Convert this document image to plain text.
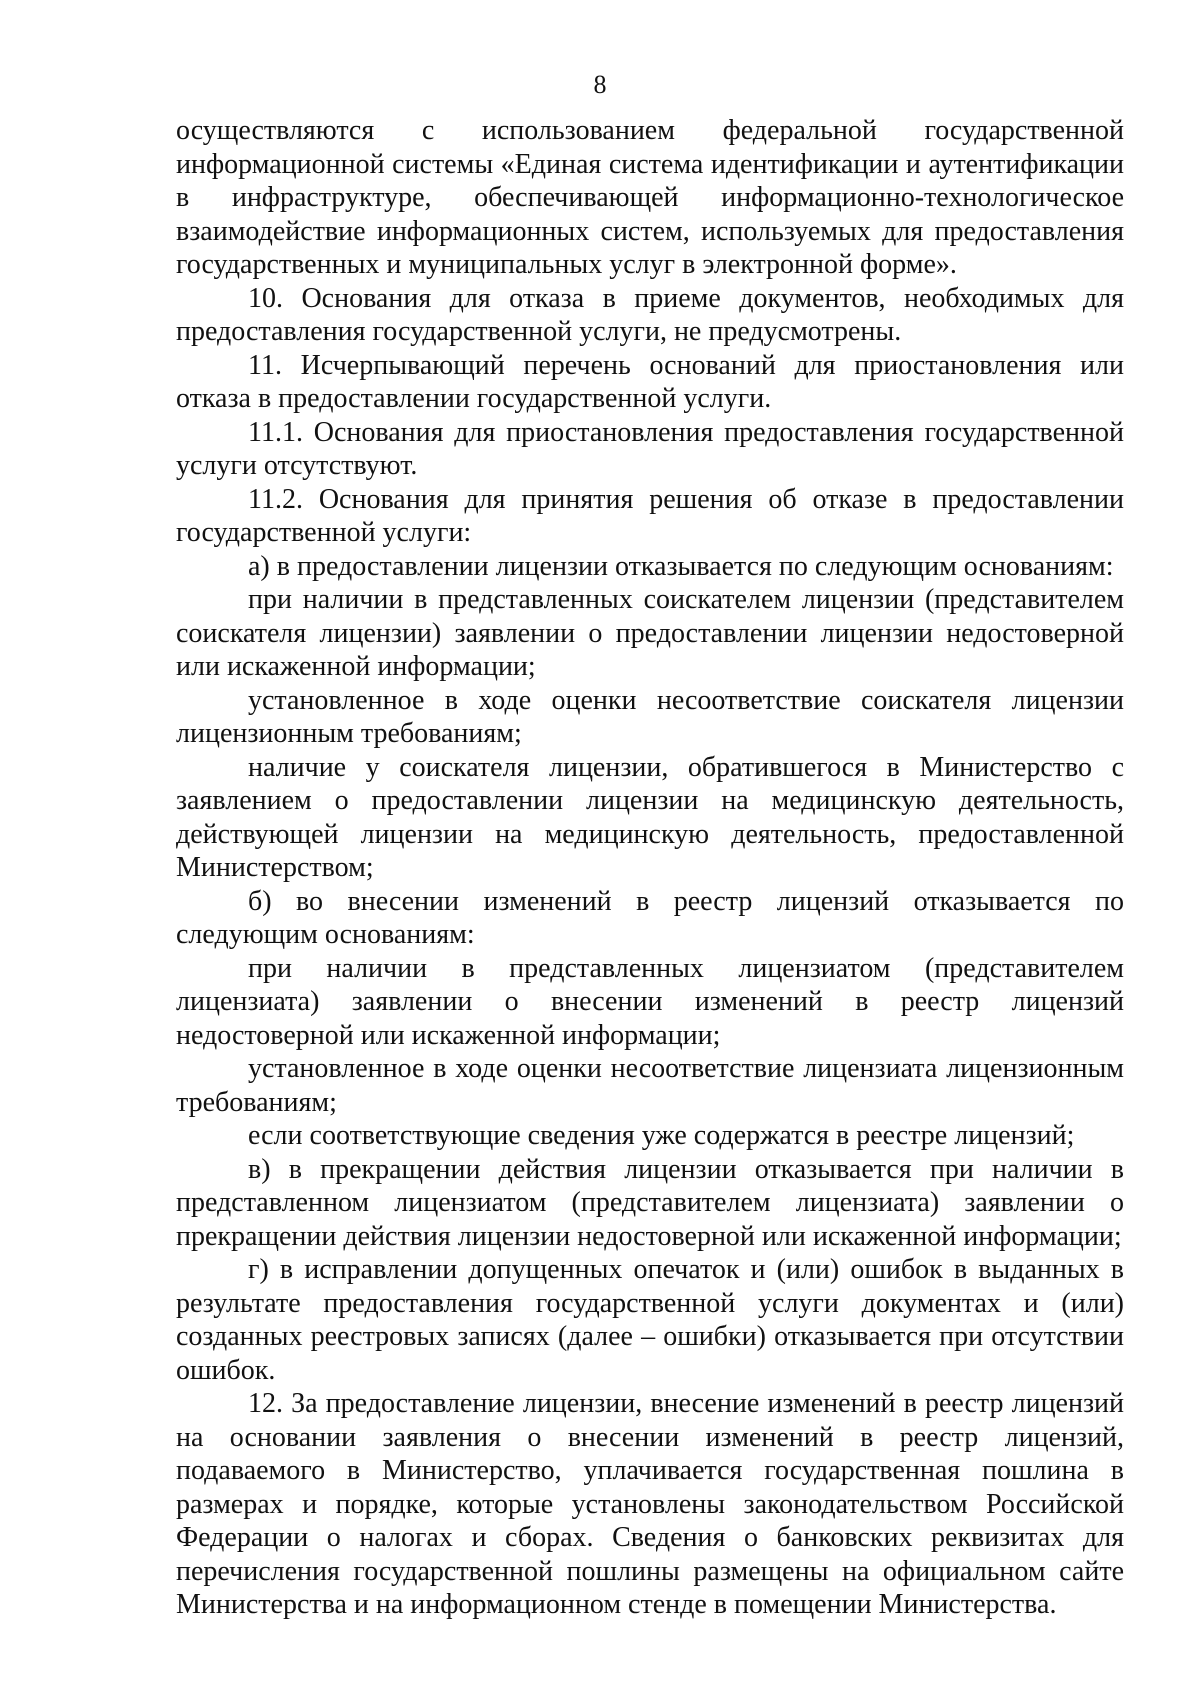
8

осуществляются с использованием федеральной государственной информационной системы «Единая система идентификации и аутентификации в инфраструктуре, обеспечивающей информационно-технологическое взаимодействие информационных систем, используемых для предоставления государственных и муниципальных услуг в электронной форме».

10. Основания для отказа в приеме документов, необходимых для предоставления государственной услуги, не предусмотрены.

11. Исчерпывающий перечень оснований для приостановления или отказа в предоставлении государственной услуги.

11.1. Основания для приостановления предоставления государственной услуги отсутствуют.

11.2. Основания для принятия решения об отказе в предоставлении государственной услуги:

а) в предоставлении лицензии отказывается по следующим основаниям:

при наличии в представленных соискателем лицензии (представителем соискателя лицензии) заявлении о предоставлении лицензии недостоверной или искаженной информации;

установленное в ходе оценки несоответствие соискателя лицензии лицензионным требованиям;

наличие у соискателя лицензии, обратившегося в Министерство с заявлением о предоставлении лицензии на медицинскую деятельность, действующей лицензии на медицинскую деятельность, предоставленной Министерством;

б) во внесении изменений в реестр лицензий отказывается по следующим основаниям:

при наличии в представленных лицензиатом (представителем лицензиата) заявлении о внесении изменений в реестр лицензий недостоверной или искаженной информации;

установленное в ходе оценки несоответствие лицензиата лицензионным требованиям;

если соответствующие сведения уже содержатся в реестре лицензий;

в) в прекращении действия лицензии отказывается при наличии в представленном лицензиатом (представителем лицензиата) заявлении о прекращении действия лицензии недостоверной или искаженной информации;

г) в исправлении допущенных опечаток и (или) ошибок в выданных в результате предоставления государственной услуги документах и (или) созданных реестровых записях (далее – ошибки) отказывается при отсутствии ошибок.

12. За предоставление лицензии, внесение изменений в реестр лицензий на основании заявления о внесении изменений в реестр лицензий, подаваемого в Министерство, уплачивается государственная пошлина в размерах и порядке, которые установлены законодательством Российской Федерации о налогах и сборах. Сведения о банковских реквизитах для перечисления государственной пошлины размещены на официальном сайте Министерства и на информационном стенде в помещении Министерства.
